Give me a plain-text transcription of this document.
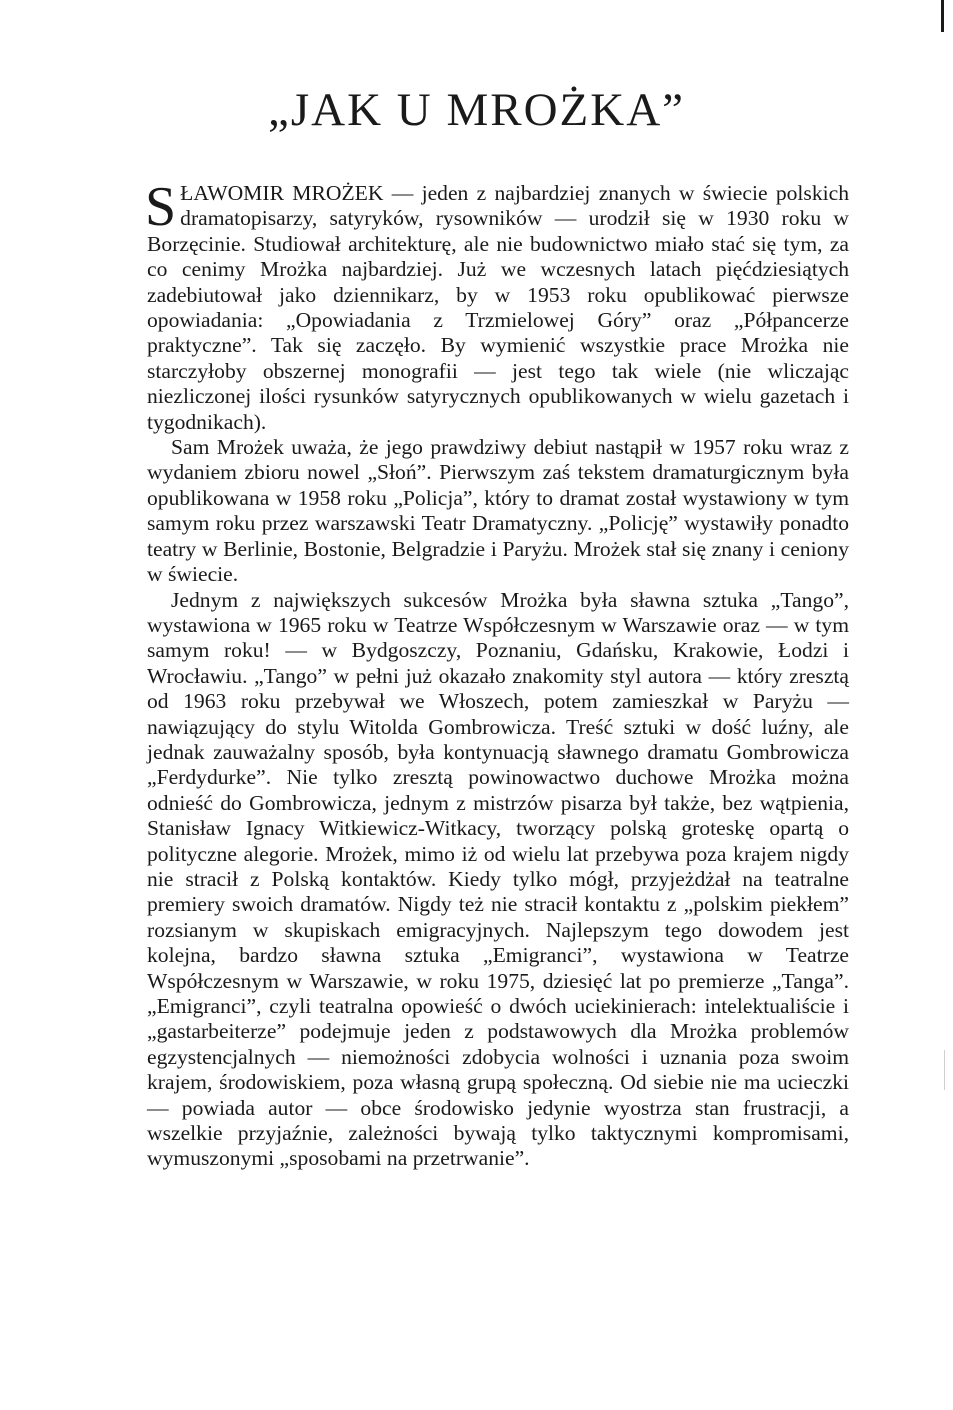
„JAK U MROŻKA”

SŁAWOMIR MROŻEK — jeden z najbardziej znanych w świecie polskich dramatopisarzy, satyryków, rysowników — urodził się w 1930 roku w Borzęcinie. Studiował architekturę, ale nie budownictwo miało stać się tym, za co cenimy Mrożka najbardziej. Już we wczesnych latach pięćdziesiątych zadebiutował jako dziennikarz, by w 1953 roku opublikować pierwsze opowiadania: „Opowiadania z Trzmielowej Góry” oraz „Półpancerze praktyczne”. Tak się zaczęło. By wymienić wszystkie prace Mrożka nie starczyłoby obszernej monografii — jest tego tak wiele (nie wliczając niezliczonej ilości rysunków satyrycznych opublikowanych w wielu gazetach i tygodnikach).

Sam Mrożek uważa, że jego prawdziwy debiut nastąpił w 1957 roku wraz z wydaniem zbioru nowel „Słoń”. Pierwszym zaś tekstem dramaturgicznym była opublikowana w 1958 roku „Policja”, który to dramat został wystawiony w tym samym roku przez warszawski Teatr Dramatyczny. „Policję” wystawiły ponadto teatry w Berlinie, Bostonie, Belgradzie i Paryżu. Mrożek stał się znany i ceniony w świecie.

Jednym z największych sukcesów Mrożka była sławna sztuka „Tango”, wystawiona w 1965 roku w Teatrze Współczesnym w Warszawie oraz — w tym samym roku! — w Bydgoszczy, Poznaniu, Gdańsku, Krakowie, Łodzi i Wrocławiu. „Tango” w pełni już okazało znakomity styl autora — który zresztą od 1963 roku przebywał we Włoszech, potem zamieszkał w Paryżu — nawiązujący do stylu Witolda Gombrowicza. Treść sztuki w dość luźny, ale jednak zauważalny sposób, była kontynuacją sławnego dramatu Gombrowicza „Ferdydurke”. Nie tylko zresztą powinowactwo duchowe Mrożka można odnieść do Gombrowicza, jednym z mistrzów pisarza był także, bez wątpienia, Stanisław Ignacy Witkiewicz-Witkacy, tworzący polską groteskę opartą o polityczne alegorie. Mrożek, mimo iż od wielu lat przebywa poza krajem nigdy nie stracił z Polską kontaktów. Kiedy tylko mógł, przyjeżdżał na teatralne premiery swoich dramatów. Nigdy też nie stracił kontaktu z „polskim piekłem” rozsianym w skupiskach emigracyjnych. Najlepszym tego dowodem jest kolejna, bardzo sławna sztuka „Emigranci”, wystawiona w Teatrze Współczesnym w Warszawie, w roku 1975, dziesięć lat po premierze „Tanga”. „Emigranci”, czyli teatralna opowieść o dwóch uciekinierach: intelektualiście i „gastarbeiterze” podejmuje jeden z podstawowych dla Mrożka problemów egzystencjalnych — niemożności zdobycia wolności i uznania poza swoim krajem, środowiskiem, poza własną grupą społeczną. Od siebie nie ma ucieczki — powiada autor — obce środowisko jedynie wyostrza stan frustracji, a wszelkie przyjaźnie, zależności bywają tylko taktycznymi kompromisami, wymuszonymi „sposobami na przetrwanie”.
